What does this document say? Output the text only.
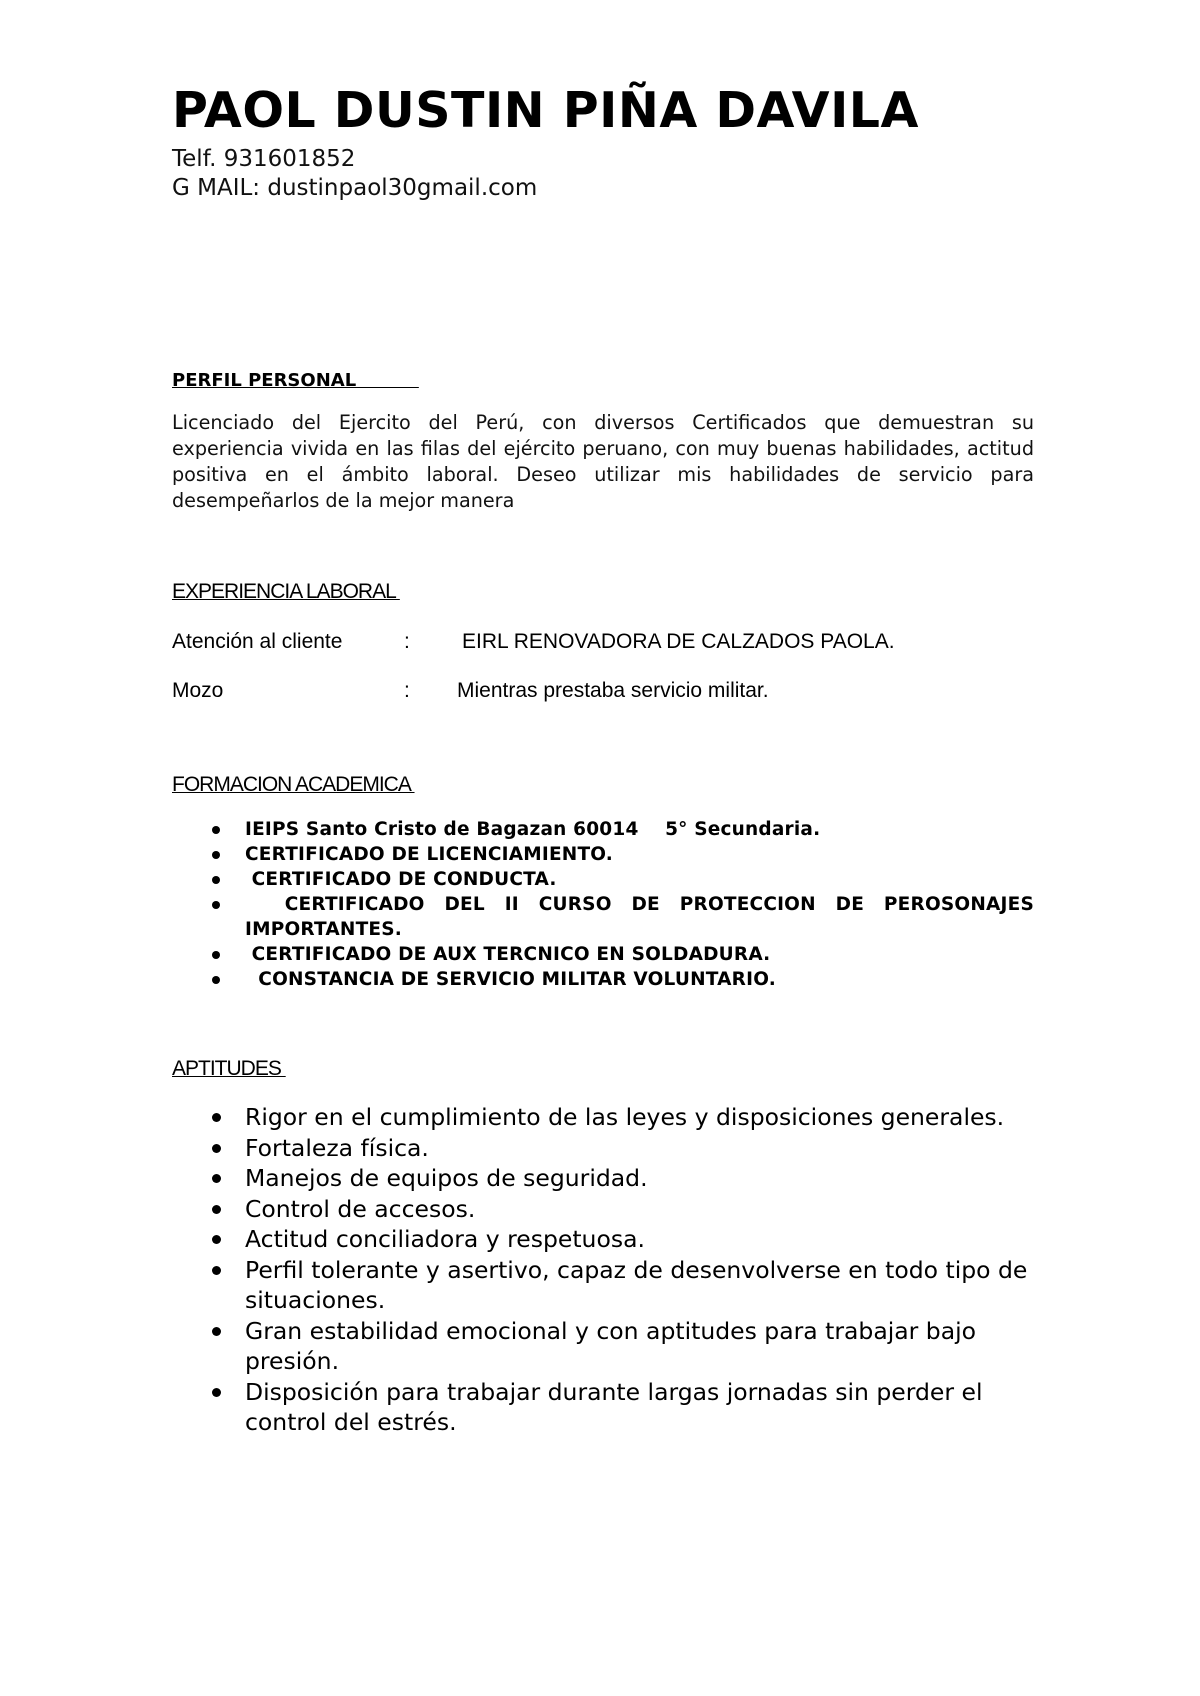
PAOL DUSTIN PIÑA DAVILA
Telf. 931601852
G MAIL: dustinpaol30gmail.com
PERFIL PERSONAL

Licenciado del Ejercito del Perú, con diversos Certificados que demuestran su experiencia vivida en las filas del ejército peruano, con muy buenas habilidades, actitud positiva en el ámbito laboral. Deseo utilizar mis habilidades de servicio para desempeñarlos de la mejor manera

EXPERIENCIA LABORAL
Atención al cliente	: EIRL RENOVADORA DE CALZADOS PAOLA.
Mozo	: Mientras prestaba servicio militar.
FORMACION ACADEMICA
IEIPS Santo Cristo de Bagazan 60014    5° Secundaria.
CERTIFICADO DE LICENCIAMIENTO.
CERTIFICADO DE CONDUCTA.
CERTIFICADO DEL II CURSO DE PROTECCION DE PEROSONAJES IMPORTANTES.
CERTIFICADO DE AUX TERCNICO EN SOLDADURA.
CONSTANCIA DE SERVICIO MILITAR VOLUNTARIO.
APTITUDES
Rigor en el cumplimiento de las leyes y disposiciones generales.
Fortaleza física.
Manejos de equipos de seguridad.
Control de accesos.
Actitud conciliadora y respetuosa.
Perfil tolerante y asertivo, capaz de desenvolverse en todo tipo de situaciones.
Gran estabilidad emocional y con aptitudes para trabajar bajo presión.
Disposición para trabajar durante largas jornadas sin perder el control del estrés.
